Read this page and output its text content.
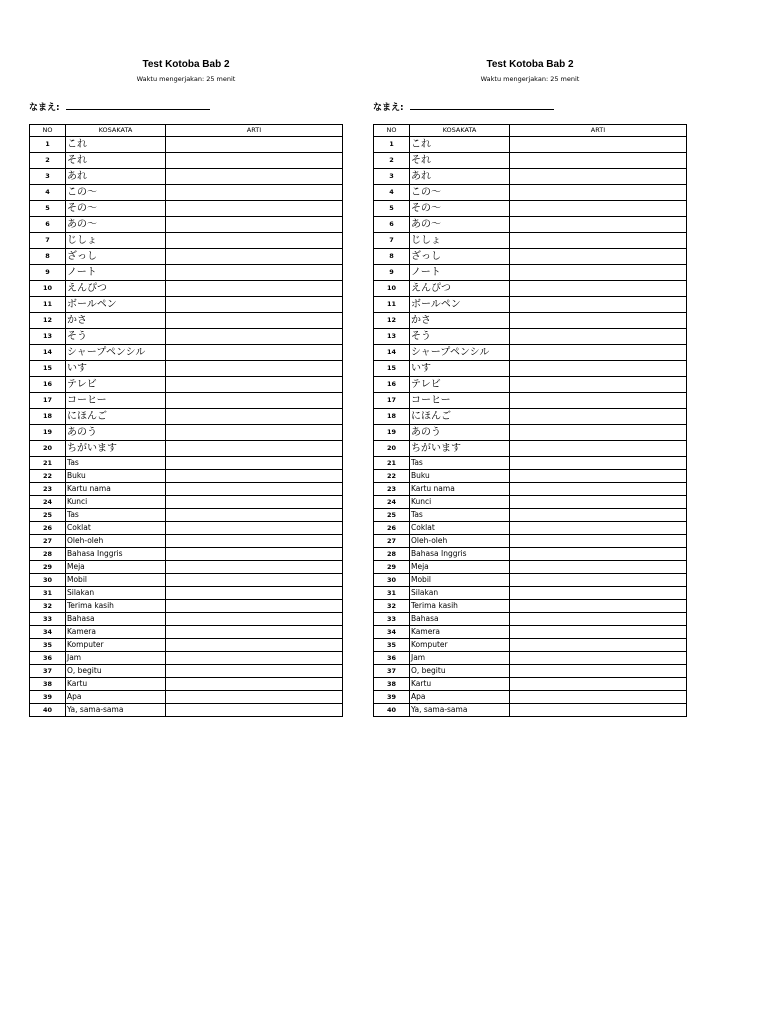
Test Kotoba Bab 2
Waktu mengerjakan: 25 menit
なまえ:
NO	KOSAKATA	ARTI
1	これ	
2	それ	
3	あれ	
4	この～	
5	その～	
6	あの～	
7	じしょ	
8	ざっし	
9	ノート	
10	えんぴつ	
11	ボールペン	
12	かさ	
13	そう	
14	シャープペンシル	
15	いす	
16	テレビ	
17	コーヒー	
18	にほんご	
19	あのう	
20	ちがいます	
21	Tas	
22	Buku	
23	Kartu nama	
24	Kunci	
25	Tas	
26	Coklat	
27	Oleh-oleh	
28	Bahasa Inggris	
29	Meja	
30	Mobil	
31	Silakan	
32	Terima kasih	
33	Bahasa	
34	Kamera	
35	Komputer	
36	Jam	
37	O, begitu	
38	Kartu	
39	Apa	
40	Ya, sama-sama	
Test Kotoba Bab 2
Waktu mengerjakan: 25 menit
なまえ:
NO	KOSAKATA	ARTI
1	これ	
2	それ	
3	あれ	
4	この～	
5	その～	
6	あの～	
7	じしょ	
8	ざっし	
9	ノート	
10	えんぴつ	
11	ボールペン	
12	かさ	
13	そう	
14	シャープペンシル	
15	いす	
16	テレビ	
17	コーヒー	
18	にほんご	
19	あのう	
20	ちがいます	
21	Tas	
22	Buku	
23	Kartu nama	
24	Kunci	
25	Tas	
26	Coklat	
27	Oleh-oleh	
28	Bahasa Inggris	
29	Meja	
30	Mobil	
31	Silakan	
32	Terima kasih	
33	Bahasa	
34	Kamera	
35	Komputer	
36	Jam	
37	O, begitu	
38	Kartu	
39	Apa	
40	Ya, sama-sama	
